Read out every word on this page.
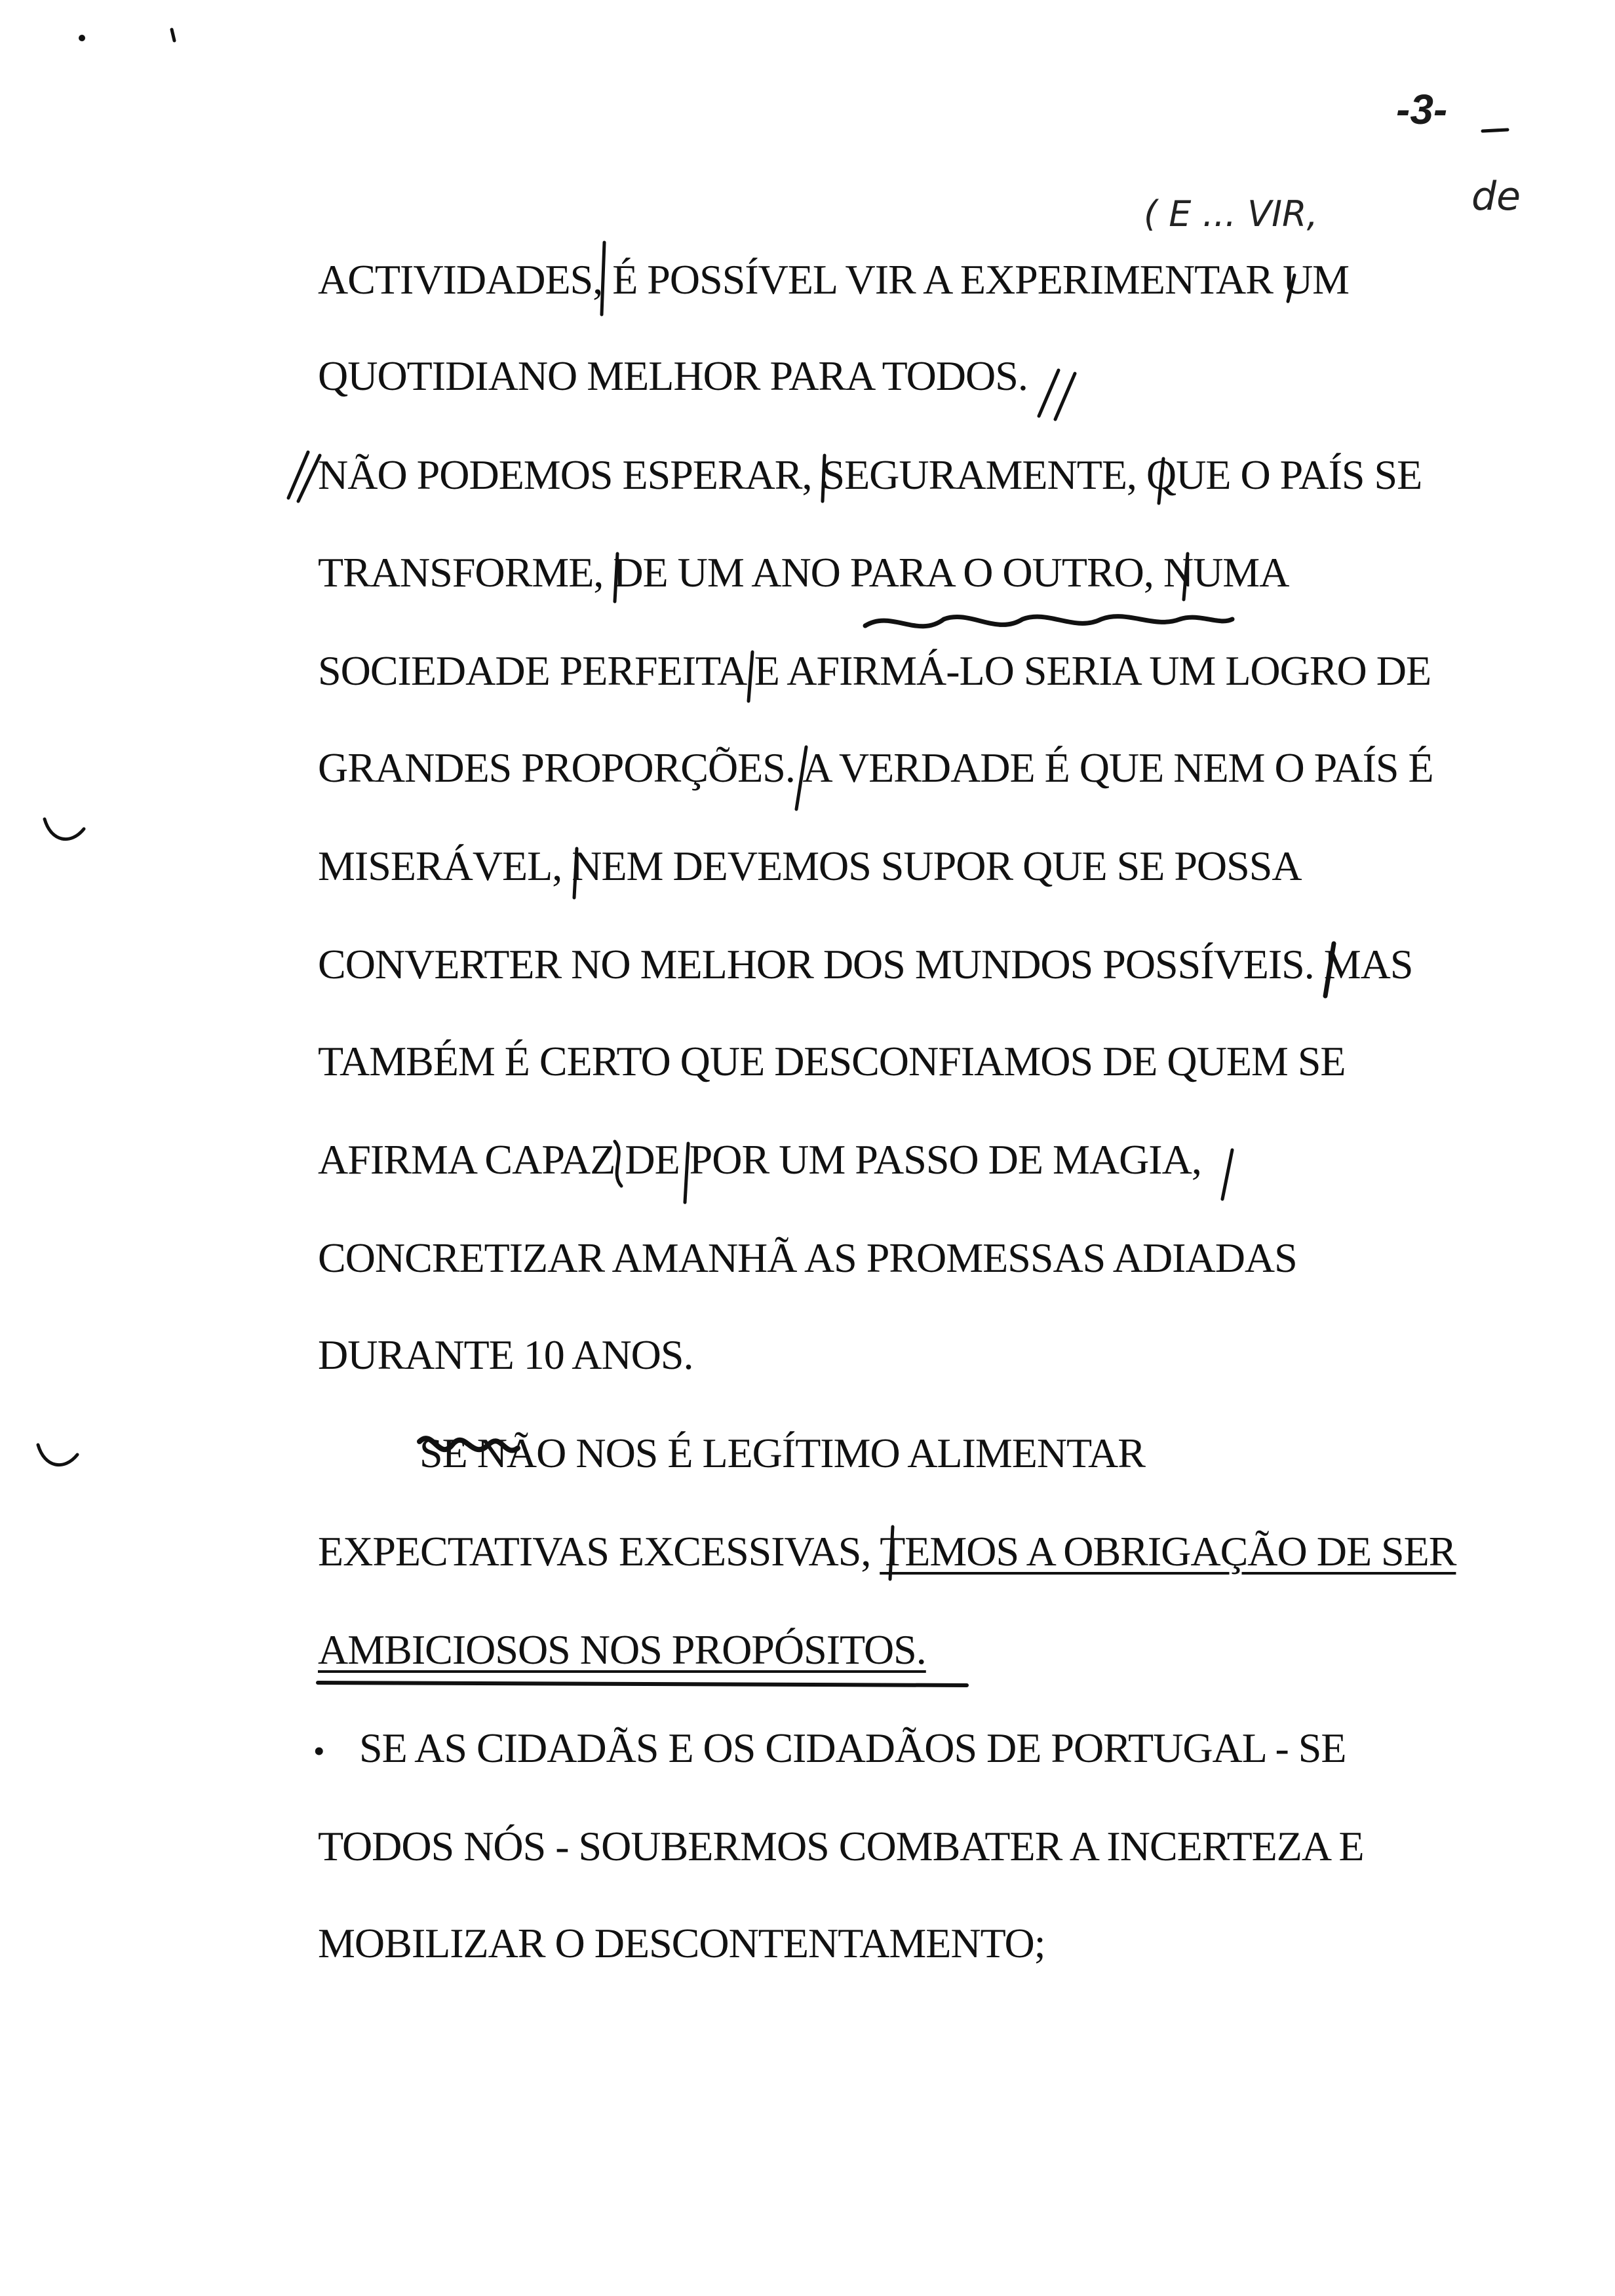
-3-
( E ... VIR,	de
ACTIVIDADES, É POSSÍVEL VIR A EXPERIMENTAR UM
QUOTIDIANO MELHOR PARA TODOS.
NÃO PODEMOS ESPERAR, SEGURAMENTE, QUE O PAÍS SE
TRANSFORME, DE UM ANO PARA O OUTRO, NUMA
SOCIEDADE PERFEITA E AFIRMÁ-LO SERIA UM LOGRO DE
GRANDES PROPORÇÕES. A VERDADE É QUE NEM O PAÍS É
MISERÁVEL, NEM DEVEMOS SUPOR QUE SE POSSA
CONVERTER NO MELHOR DOS MUNDOS POSSÍVEIS. MAS
TAMBÉM É CERTO QUE DESCONFIAMOS DE QUEM SE
AFIRMA CAPAZ DE POR UM PASSO DE MAGIA,
CONCRETIZAR AMANHÃ AS PROMESSAS ADIADAS
DURANTE 10 ANOS.
SE NÃO NOS É LEGÍTIMO ALIMENTAR
EXPECTATIVAS EXCESSIVAS, TEMOS A OBRIGAÇÃO DE SER
AMBICIOSOS NOS PROPÓSITOS.
• SE AS CIDADÃS E OS CIDADÃOS DE PORTUGAL - SE
TODOS NÓS - SOUBERMOS COMBATER A INCERTEZA E
MOBILIZAR O DESCONTENTAMENTO;
